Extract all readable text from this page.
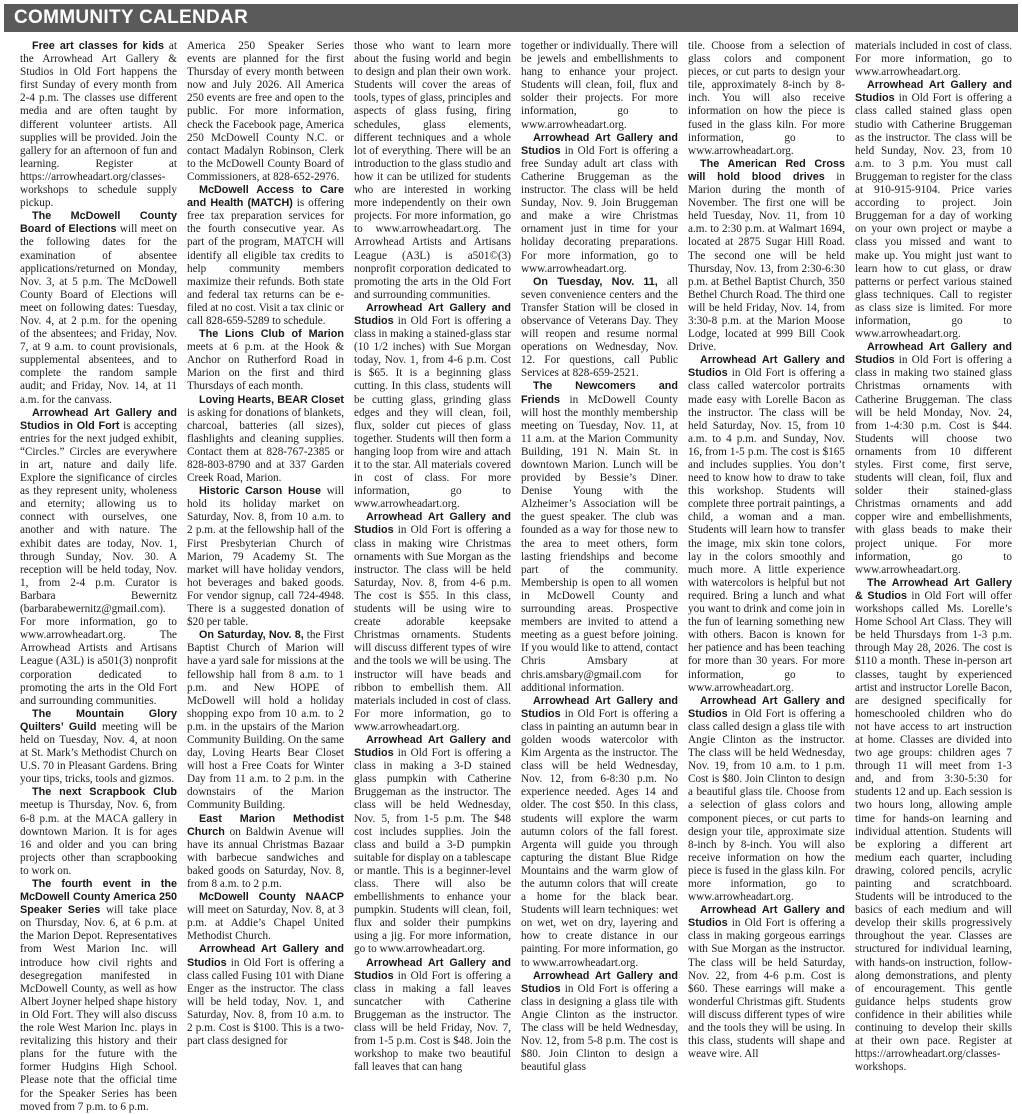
COMMUNITY CALENDAR

Free art classes for kids at the Arrowhead Art Gallery & Studios in Old Fort happens the first Sunday of every month from 2-4 p.m. The classes use different media and are often taught by different volunteer artists. All supplies will be provided. Join the gallery for an afternoon of fun and learning. Register at https://arrowheadart.org/classes-workshops to schedule supply pickup.

The McDowell County Board of Elections will meet on the following dates for the examination of absentee applications/returned on Monday, Nov. 3, at 5 p.m. The McDowell County Board of Elections will meet on following dates: Tuesday, Nov. 4, at 2 p.m. for the opening of the absentees; and Friday, Nov. 7, at 9 a.m. to count provisionals, supplemental absentees, and to complete the random sample audit; and Friday, Nov. 14, at 11 a.m. for the canvass.

Arrowhead Art Gallery and Studios in Old Fort is accepting entries for the next judged exhibit, “Circles.” Circles are everywhere in art, nature and daily life. Explore the significance of circles as they represent unity, wholeness and eternity; allowing us to connect with ourselves, one another and with nature. The exhibit dates are today, Nov. 1, through Sunday, Nov. 30. A reception will be held today, Nov. 1, from 2-4 p.m. Curator is Barbara Bewernitz (barbarabewernitz@gmail.com). For more information, go to www.arrowheadart.org. The Arrowhead Artists and Artisans League (A3L) is a501(3) nonprofit corporation dedicated to promoting the arts in the Old Fort and surrounding communities.

The Mountain Glory Quilters’ Guild meeting will be held on Tuesday, Nov. 4, at noon at St. Mark’s Methodist Church on U.S. 70 in Pleasant Gardens. Bring your tips, tricks, tools and gizmos.

The next Scrapbook Club meetup is Thursday, Nov. 6, from 6-8 p.m. at the MACA gallery in downtown Marion. It is for ages 16 and older and you can bring projects other than scrapbooking to work on.

The fourth event in the McDowell County America 250 Speaker Series will take place on Thursday, Nov. 6, at 6 p.m. at the Marion Depot. Representatives from West Marion Inc. will introduce how civil rights and desegregation manifested in McDowell County, as well as how Albert Joyner helped shape history in Old Fort. They will also discuss the role West Marion Inc. plays in revitalizing this history and their plans for the future with the former Hudgins High School. Please note that the official time for the Speaker Series has been moved from 7 p.m. to 6 p.m.

America 250 Speaker Series events are planned for the first Thursday of every month between now and July 2026. All America 250 events are free and open to the public. For more information, check the Facebook page, America 250 McDowell County N.C. or contact Madalyn Robinson, Clerk to the McDowell County Board of Commissioners, at 828-652-2976.

McDowell Access to Care and Health (MATCH) is offering free tax preparation services for the fourth consecutive year. As part of the program, MATCH will identify all eligible tax credits to help community members maximize their refunds. Both state and federal tax returns can be e-filed at no cost. Visit a tax clinic or call 828-659-5289 to schedule.

The Lions Club of Marion meets at 6 p.m. at the Hook & Anchor on Rutherford Road in Marion on the first and third Thursdays of each month.

Loving Hearts, BEAR Closet is asking for donations of blankets, charcoal, batteries (all sizes), flashlights and cleaning supplies. Contact them at 828-767-2385 or 828-803-8790 and at 337 Garden Creek Road, Marion.

Historic Carson House will hold its holiday market on Saturday, Nov. 8, from 10 a.m. to 2 p.m. at the fellowship hall of the First Presbyterian Church of Marion, 79 Academy St. The market will have holiday vendors, hot beverages and baked goods. For vendor signup, call 724-4948. There is a suggested donation of $20 per table.

On Saturday, Nov. 8, the First Baptist Church of Marion will have a yard sale for missions at the fellowship hall from 8 a.m. to 1 p.m. and New HOPE of McDowell will hold a holiday shopping expo from 10 a.m. to 2 p.m. in the upstairs of the Marion Community Building. On the same day, Loving Hearts Bear Closet will host a Free Coats for Winter Day from 11 a.m. to 2 p.m. in the downstairs of the Marion Community Building.

East Marion Methodist Church on Baldwin Avenue will have its annual Christmas Bazaar with barbecue sandwiches and baked goods on Saturday, Nov. 8, from 8 a.m. to 2 p.m.

McDowell County NAACP will meet on Saturday, Nov. 8, at 3 p.m. at Addie’s Chapel United Methodist Church.

Arrowhead Art Gallery and Studios in Old Fort is offering a class called Fusing 101 with Diane Enger as the instructor. The class will be held today, Nov. 1, and Saturday, Nov. 8, from 10 a.m. to 2 p.m. Cost is $100. This is a two-part class designed for

those who want to learn more about the fusing world and begin to design and plan their own work. Students will cover the areas of tools, types of glass, principles and aspects of glass fusing, firing schedules, glass elements, different techniques and a whole lot of everything. There will be an introduction to the glass studio and how it can be utilized for students who are interested in working more independently on their own projects. For more information, go to www.arrowheadart.org. The Arrowhead Artists and Artisans League (A3L) is a501©(3) nonprofit corporation dedicated to promoting the arts in the Old Fort and surrounding communities.

Arrowhead Art Gallery and Studios in Old Fort is offering a class in making a stained-glass star (10 1/2 inches) with Sue Morgan today, Nov. 1, from 4-6 p.m. Cost is $65. It is a beginning glass cutting. In this class, students will be cutting glass, grinding glass edges and they will clean, foil, flux, solder cut pieces of glass together. Students will then form a hanging loop from wire and attach it to the star. All materials covered in cost of class. For more information, go to www.arrowheadart.org.

Arrowhead Art Gallery and Studios in Old Fort is offering a class in making wire Christmas ornaments with Sue Morgan as the instructor. The class will be held Saturday, Nov. 8, from 4-6 p.m. The cost is $55. In this class, students will be using wire to create adorable keepsake Christmas ornaments. Students will discuss different types of wire and the tools we will be using. The instructor will have beads and ribbon to embellish them. All materials included in cost of class. For more information, go to www.arrowheadart.org.

Arrowhead Art Gallery and Studios in Old Fort is offering a class in making a 3-D stained glass pumpkin with Catherine Bruggeman as the instructor. The class will be held Wednesday, Nov. 5, from 1-5 p.m. The $48 cost includes supplies. Join the class and build a 3-D pumpkin suitable for display on a tablescape or mantle. This is a beginner-level class. There will also be embellishments to enhance your pumpkin. Students will clean, foil, flux and solder their pumpkins using a jig. For more information, go to www.arrowheadart.org.

Arrowhead Art Gallery and Studios in Old Fort is offering a class in making a fall leaves suncatcher with Catherine Bruggeman as the instructor. The class will be held Friday, Nov. 7, from 1-5 p.m. Cost is $48. Join the workshop to make two beautiful fall leaves that can hang

together or individually. There will be jewels and embellishments to hang to enhance your project. Students will clean, foil, flux and solder their projects. For more information, go to www.arrowheadart.org.

Arrowhead Art Gallery and Studios in Old Fort is offering a free Sunday adult art class with Catherine Bruggeman as the instructor. The class will be held Sunday, Nov. 9. Join Bruggeman and make a wire Christmas ornament just in time for your holiday decorating preparations. For more information, go to www.arrowheadart.org.

On Tuesday, Nov. 11, all seven convenience centers and the Transfer Station will be closed in observance of Veterans Day. They will reopen and resume normal operations on Wednesday, Nov. 12. For questions, call Public Services at 828-659-2521.

The Newcomers and Friends in McDowell County will host the monthly membership meeting on Tuesday, Nov. 11, at 11 a.m. at the Marion Community Building, 191 N. Main St. in downtown Marion. Lunch will be provided by Bessie’s Diner. Denise Young with the Alzheimer’s Association will be the guest speaker. The club was founded as a way for those new to the area to meet others, form lasting friendships and become part of the community. Membership is open to all women in McDowell County and surrounding areas. Prospective members are invited to attend a meeting as a guest before joining. If you would like to attend, contact Chris Amsbary at chris.amsbary@gmail.com for additional information.

Arrowhead Art Gallery and Studios in Old Fort is offering a class in painting an autumn bear in golden woods watercolor with Kim Argenta as the instructor. The class will be held Wednesday, Nov. 12, from 6-8:30 p.m. No experience needed. Ages 14 and older. The cost $50. In this class, students will explore the warm autumn colors of the fall forest. Argenta will guide you through capturing the distant Blue Ridge Mountains and the warm glow of the autumn colors that will create a home for the black bear. Students will learn techniques: wet on wet, wet on dry, layering and how to create distance in our painting. For more information, go to www.arrowheadart.org.

Arrowhead Art Gallery and Studios in Old Fort is offering a class in designing a glass tile with Angie Clinton as the instructor. The class will be held Wednesday, Nov. 12, from 5-8 p.m. The cost is $80. Join Clinton to design a beautiful glass

tile. Choose from a selection of glass colors and component pieces, or cut parts to design your tile, approximately 8-inch by 8-inch. You will also receive information on how the piece is fused in the glass kiln. For more information, go to www.arrowheadart.org.

The American Red Cross will hold blood drives in Marion during the month of November. The first one will be held Tuesday, Nov. 11, from 10 a.m. to 2:30 p.m. at Walmart 1694, located at 2875 Sugar Hill Road. The second one will be held Thursday, Nov. 13, from 2:30-6:30 p.m. at Bethel Baptist Church, 350 Bethel Church Road. The third one will be held Friday, Nov. 14, from 3:30-8 p.m. at the Marion Moose Lodge, located at 999 Bill Cook Drive.

Arrowhead Art Gallery and Studios in Old Fort is offering a class called watercolor portraits made easy with Lorelle Bacon as the instructor. The class will be held Saturday, Nov. 15, from 10 a.m. to 4 p.m. and Sunday, Nov. 16, from 1-5 p.m. The cost is $165 and includes supplies. You don’t need to know how to draw to take this workshop. Students will complete three portrait paintings, a child, a woman and a man. Students will learn how to transfer the image, mix skin tone colors, lay in the colors smoothly and much more. A little experience with watercolors is helpful but not required. Bring a lunch and what you want to drink and come join in the fun of learning something new with others. Bacon is known for her patience and has been teaching for more than 30 years. For more information, go to www.arrowheadart.org.

Arrowhead Art Gallery and Studios in Old Fort is offering a class called design a glass tile with Angie Clinton as the instructor. The class will be held Wednesday, Nov. 19, from 10 a.m. to 1 p.m. Cost is $80. Join Clinton to design a beautiful glass tile. Choose from a selection of glass colors and component pieces, or cut parts to design your tile, approximate size 8-inch by 8-inch. You will also receive information on how the piece is fused in the glass kiln. For more information, go to www.arrowheadart.org.

Arrowhead Art Gallery and Studios in Old Fort is offering a class in making gorgeous earrings with Sue Morgan as the instructor. The class will be held Saturday, Nov. 22, from 4-6 p.m. Cost is $60. These earrings will make a wonderful Christmas gift. Students will discuss different types of wire and the tools they will be using. In this class, students will shape and weave wire. All

materials included in cost of class. For more information, go to www.arrowheadart.org.

Arrowhead Art Gallery and Studios in Old Fort is offering a class called stained glass open studio with Catherine Bruggeman as the instructor. The class will be held Sunday, Nov. 23, from 10 a.m. to 3 p.m. You must call Bruggeman to register for the class at 910-915-9104. Price varies according to project. Join Bruggeman for a day of working on your own project or maybe a class you missed and want to make up. You might just want to learn how to cut glass, or draw patterns or perfect various stained glass techniques. Call to register as class size is limited. For more information, go to www.arrowheadart.org.

Arrowhead Art Gallery and Studios in Old Fort is offering a class in making two stained glass Christmas ornaments with Catherine Bruggeman. The class will be held Monday, Nov. 24, from 1-4:30 p.m. Cost is $44. Students will choose two ornaments from 10 different styles. First come, first serve, students will clean, foil, flux and solder their stained-glass Christmas ornaments and add copper wire and embellishments, with glass beads to make their project unique. For more information, go to www.arrowheadart.org.

The Arrowhead Art Gallery & Studios in Old Fort will offer workshops called Ms. Lorelle’s Home School Art Class. They will be held Thursdays from 1-3 p.m. through May 28, 2026. The cost is $110 a month. These in-person art classes, taught by experienced artist and instructor Lorelle Bacon, are designed specifically for homeschooled children who do not have access to art instruction at home. Classes are divided into two age groups: children ages 7 through 11 will meet from 1-3 and, and from 3:30-5:30 for students 12 and up. Each session is two hours long, allowing ample time for hands-on learning and individual attention. Students will be exploring a different art medium each quarter, including drawing, colored pencils, acrylic painting and scratchboard. Students will be introduced to the basics of each medium and will develop their skills progressively throughout the year. Classes are structured for individual learning, with hands-on instruction, follow-along demonstrations, and plenty of encouragement. This gentle guidance helps students grow confidence in their abilities while continuing to develop their skills at their own pace. Register at https://arrowheadart.org/classes-workshops.
